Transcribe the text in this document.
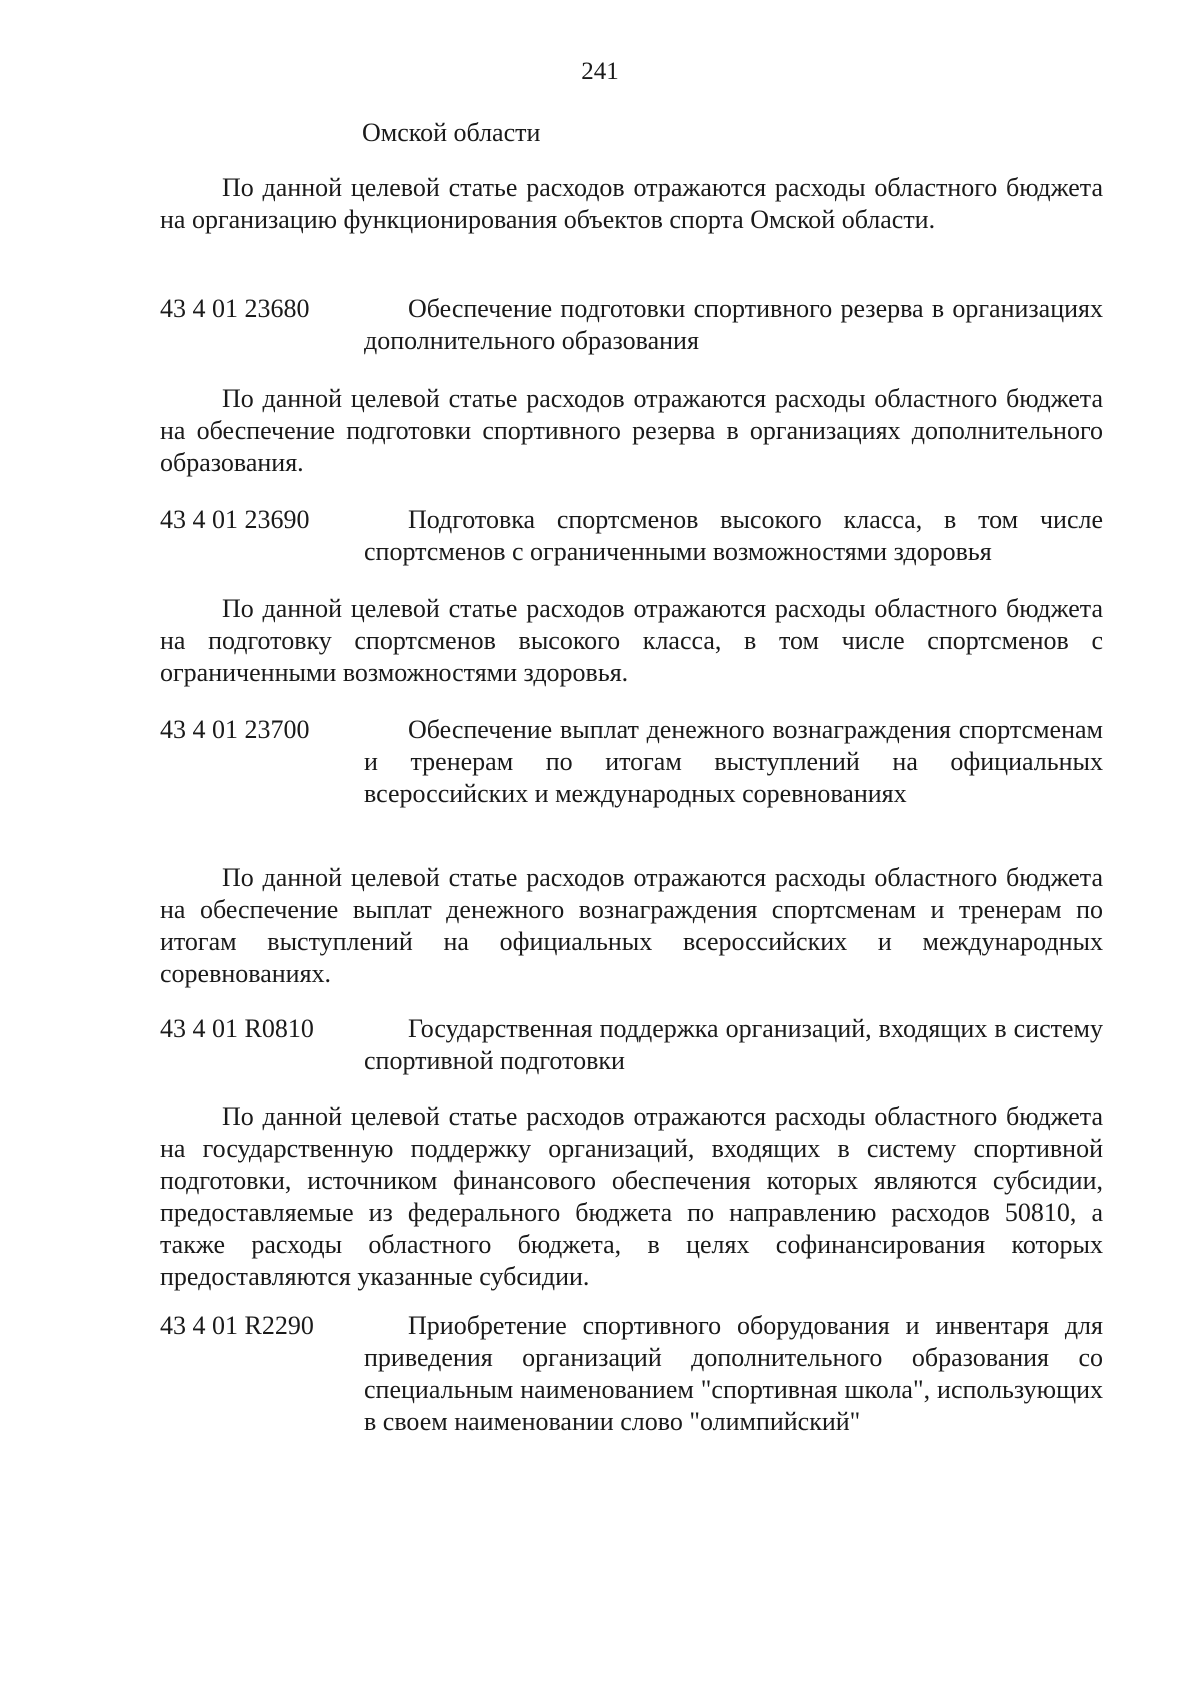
241
Омской области

По данной целевой статье расходов отражаются расходы областного бюджета на организацию функционирования объектов спорта Омской области.

43 4 01 23680	Обеспечение подготовки спортивного резерва в организациях дополнительного образования

По данной целевой статье расходов отражаются расходы областного бюджета на обеспечение подготовки спортивного резерва в организациях дополнительного образования.

43 4 01 23690	Подготовка спортсменов высокого класса, в том числе спортсменов с ограниченными возможностями здоровья

По данной целевой статье расходов отражаются расходы областного бюджета на подготовку спортсменов высокого класса, в том числе спортсменов с ограниченными возможностями здоровья.

43 4 01 23700	Обеспечение выплат денежного вознаграждения спортсменам и тренерам по итогам выступлений на официальных всероссийских и международных соревнованиях

По данной целевой статье расходов отражаются расходы областного бюджета на обеспечение выплат денежного вознаграждения спортсменам и тренерам по итогам выступлений на официальных всероссийских и международных соревнованиях.

43 4 01 R0810	Государственная поддержка организаций, входящих в систему спортивной подготовки

По данной целевой статье расходов отражаются расходы областного бюджета на государственную поддержку организаций, входящих в систему спортивной подготовки, источником финансового обеспечения которых являются субсидии, предоставляемые из федерального бюджета по направлению расходов 50810, а также расходы областного бюджета, в целях софинансирования которых предоставляются указанные субсидии.

43 4 01 R2290	Приобретение спортивного оборудования и инвентаря для приведения организаций дополнительного образования со специальным наименованием "спортивная школа", использующих в своем наименовании слово "олимпийский"
